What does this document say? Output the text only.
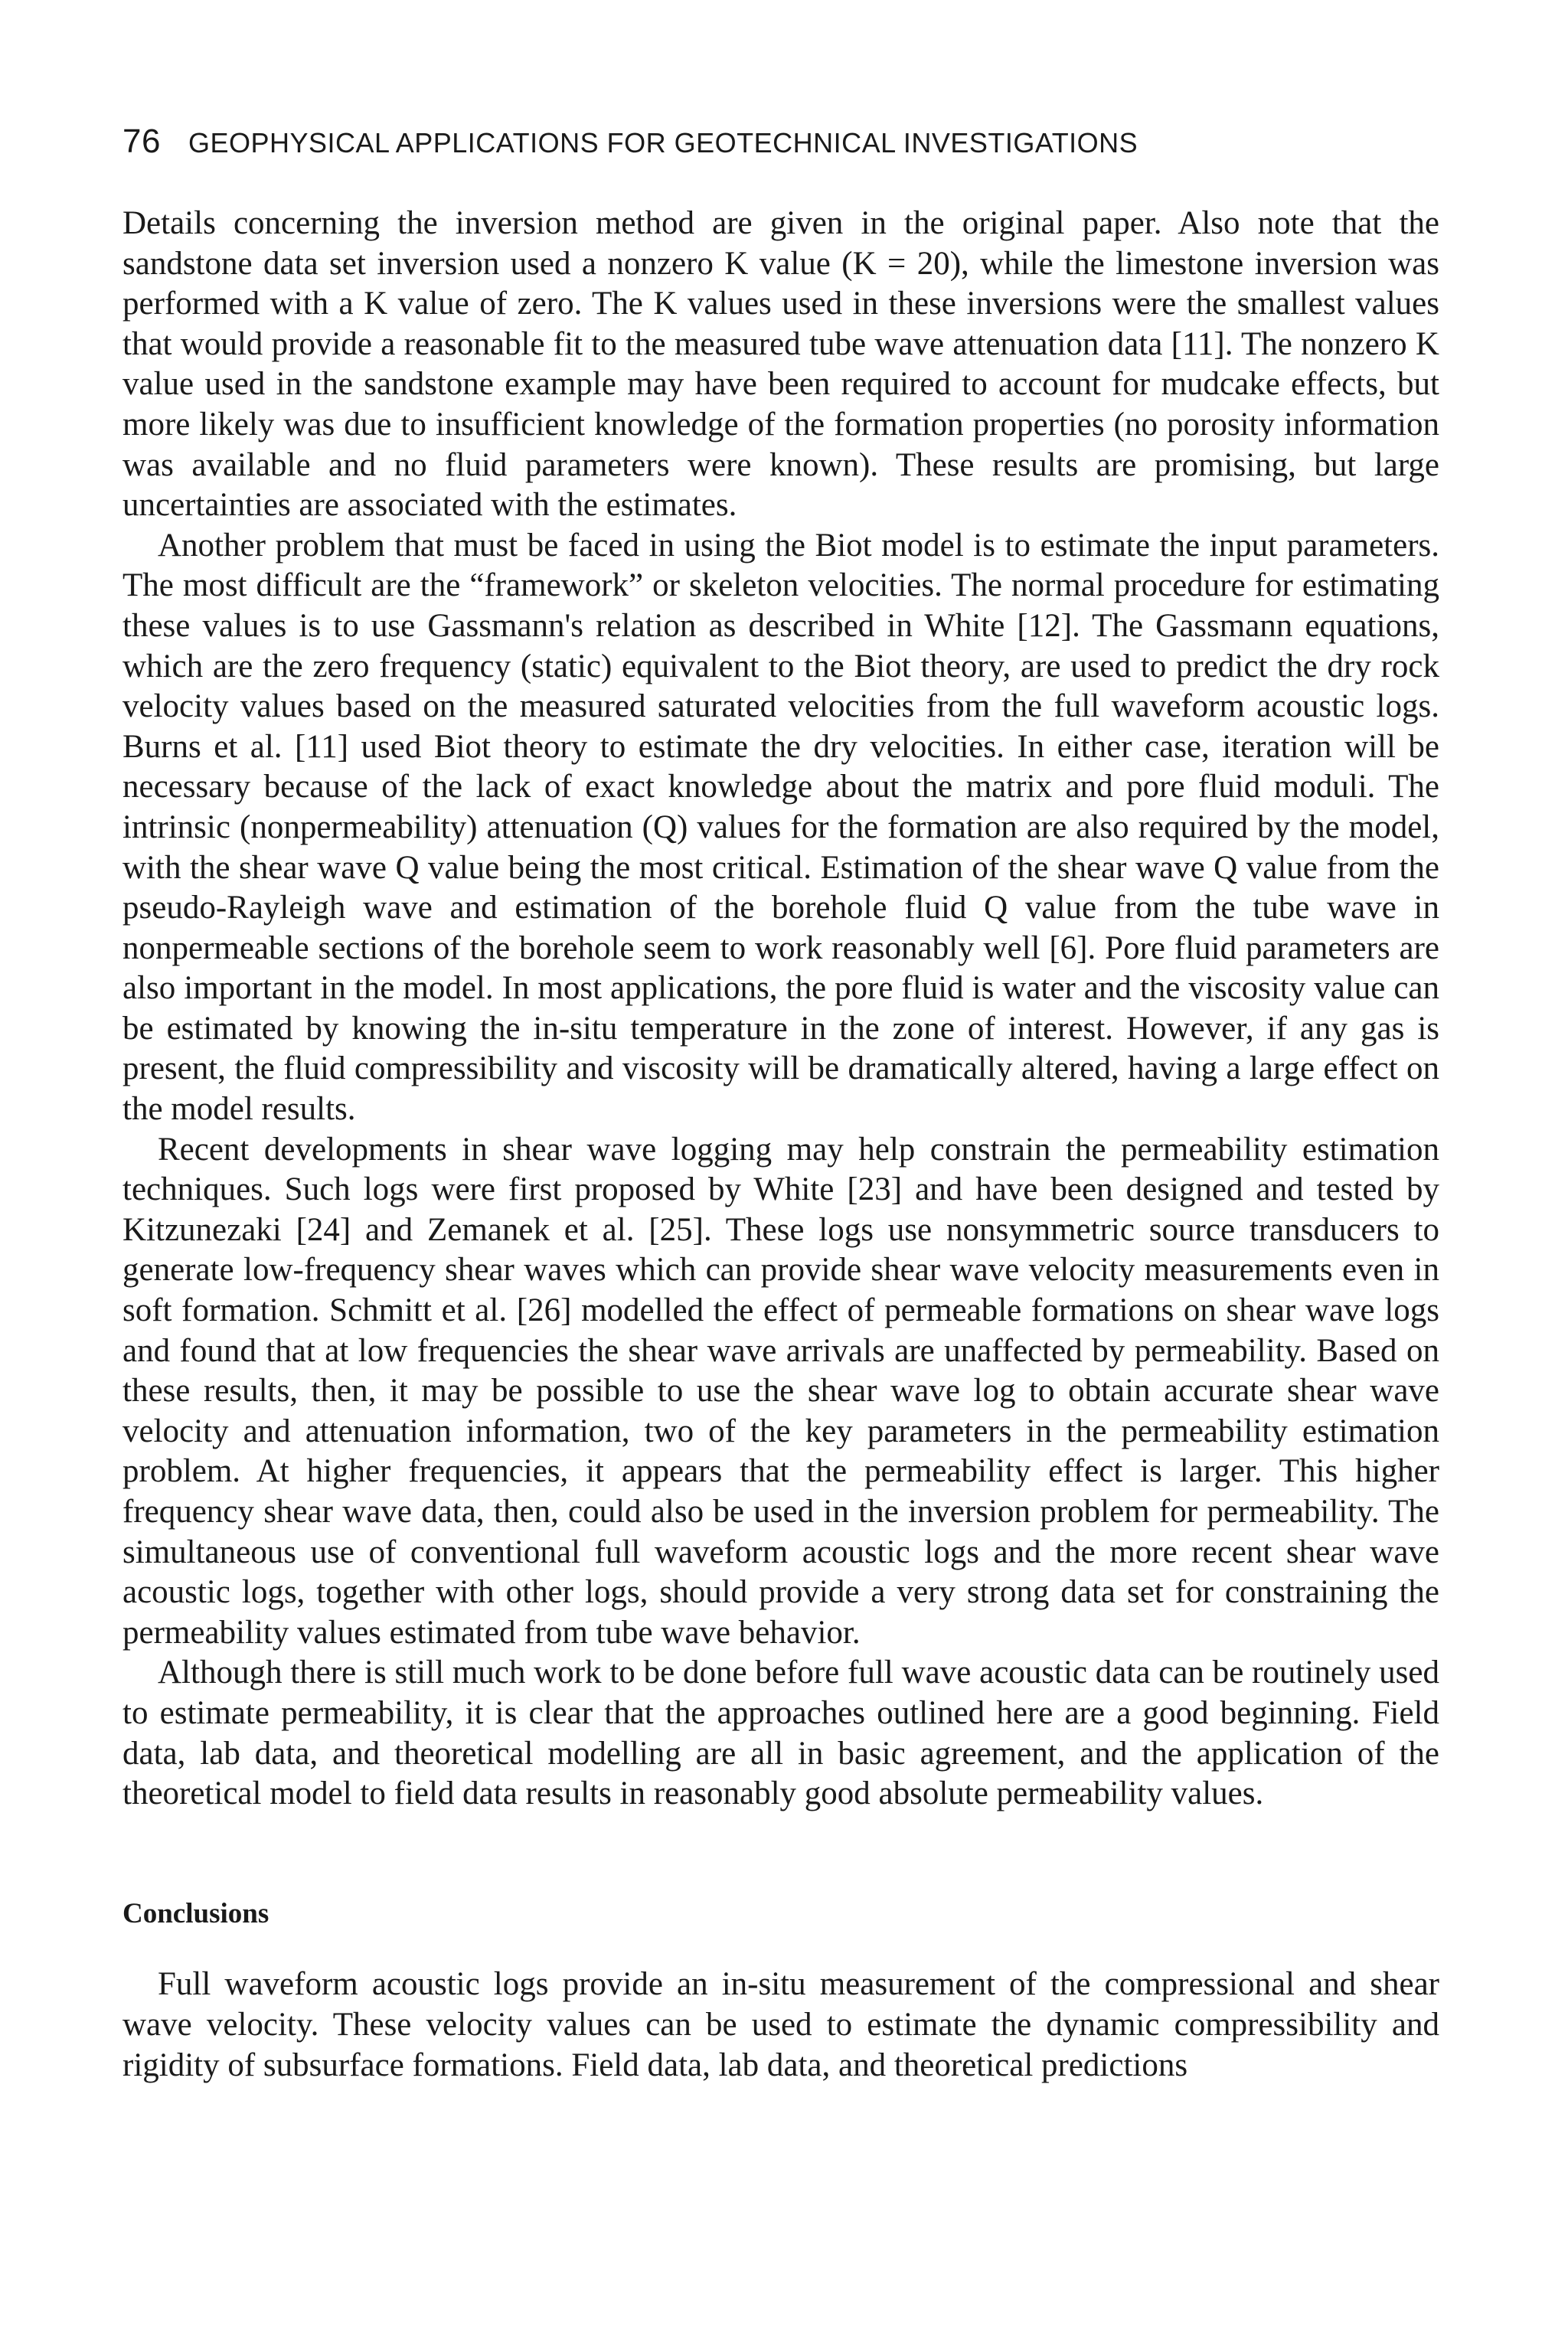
76 GEOPHYSICAL APPLICATIONS FOR GEOTECHNICAL INVESTIGATIONS

Details concerning the inversion method are given in the original paper. Also note that the sandstone data set inversion used a nonzero K value (K = 20), while the limestone inversion was performed with a K value of zero. The K values used in these inversions were the smallest values that would provide a reasonable fit to the measured tube wave attenuation data [11]. The nonzero K value used in the sandstone example may have been required to account for mudcake effects, but more likely was due to insufficient knowledge of the formation properties (no porosity information was available and no fluid parameters were known). These results are promising, but large uncertainties are associated with the estimates.

Another problem that must be faced in using the Biot model is to estimate the input parameters. The most difficult are the “framework” or skeleton velocities. The normal procedure for estimating these values is to use Gassmann's relation as described in White [12]. The Gassmann equations, which are the zero frequency (static) equivalent to the Biot theory, are used to predict the dry rock velocity values based on the measured saturated velocities from the full waveform acoustic logs. Burns et al. [11] used Biot theory to estimate the dry velocities. In either case, iteration will be necessary because of the lack of exact knowledge about the matrix and pore fluid moduli. The intrinsic (nonpermeability) attenuation (Q) values for the formation are also required by the model, with the shear wave Q value being the most critical. Estimation of the shear wave Q value from the pseudo-Rayleigh wave and estimation of the borehole fluid Q value from the tube wave in nonpermeable sections of the borehole seem to work reasonably well [6]. Pore fluid parameters are also important in the model. In most applications, the pore fluid is water and the viscosity value can be estimated by knowing the in-situ temperature in the zone of interest. However, if any gas is present, the fluid compressibility and viscosity will be dramatically altered, having a large effect on the model results.

Recent developments in shear wave logging may help constrain the permeability estimation techniques. Such logs were first proposed by White [23] and have been designed and tested by Kitzunezaki [24] and Zemanek et al. [25]. These logs use nonsymmetric source transducers to generate low-frequency shear waves which can provide shear wave velocity measurements even in soft formation. Schmitt et al. [26] modelled the effect of permeable formations on shear wave logs and found that at low frequencies the shear wave arrivals are unaffected by permeability. Based on these results, then, it may be possible to use the shear wave log to obtain accurate shear wave velocity and attenuation information, two of the key parameters in the permeability estimation problem. At higher frequencies, it appears that the permeability effect is larger. This higher frequency shear wave data, then, could also be used in the inversion problem for permeability. The simultaneous use of conventional full waveform acoustic logs and the more recent shear wave acoustic logs, together with other logs, should provide a very strong data set for constraining the permeability values estimated from tube wave behavior.

Although there is still much work to be done before full wave acoustic data can be routinely used to estimate permeability, it is clear that the approaches outlined here are a good beginning. Field data, lab data, and theoretical modelling are all in basic agreement, and the application of the theoretical model to field data results in reasonably good absolute permeability values.

Conclusions

Full waveform acoustic logs provide an in-situ measurement of the compressional and shear wave velocity. These velocity values can be used to estimate the dynamic compressibility and rigidity of subsurface formations. Field data, lab data, and theoretical predictions
